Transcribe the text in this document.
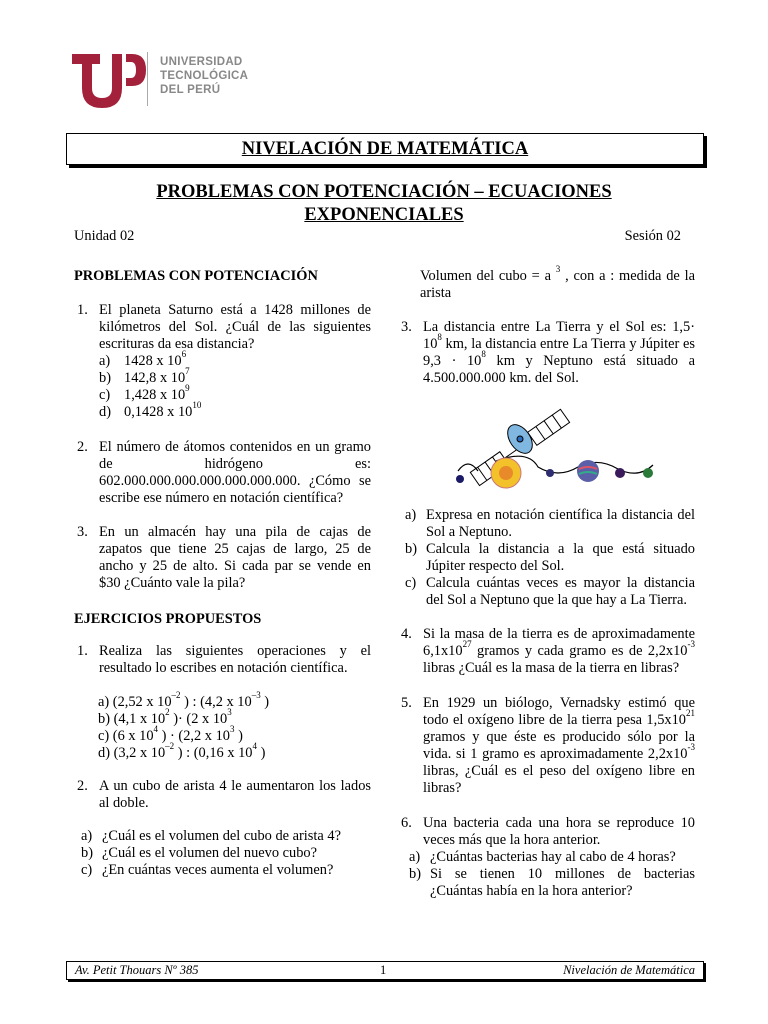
UNIVERSIDAD
TECNOLÓGICA
DEL PERÚ
NIVELACIÓN DE MATEMÁTICA
PROBLEMAS CON POTENCIACIÓN – ECUACIONES
EXPONENCIALES
Unidad 02	Sesión 02
PROBLEMAS CON POTENCIACIÓN
1. El planeta Saturno está a 1428 millones de kilómetros del Sol. ¿Cuál de las siguientes escrituras da esa distancia?
a) 1428 x $10^6$
b) 142,8 x $10^7$
c) 1,428 x $10^9$
d) 0,1428 x $10^{10}$
2. El número de átomos contenidos en un gramo de hidrógeno es: 602.000.000.000.000.000.000.000. ¿Cómo se escribe ese número en notación científica?
3. En un almacén hay una pila de cajas de zapatos que tiene 25 cajas de largo, 25 de ancho y 25 de alto. Si cada par se vende en $30 ¿Cuánto vale la pila?
EJERCICIOS PROPUESTOS
1. Realiza las siguientes operaciones y el resultado lo escribes en notación científica.
a) (2,52 x $10^{-2}$ ) : (4,2 x $10^{-3}$ )
b) (4,1 x $10^2$ )· (2 x $10^3$
c) (6 x $10^4$ ) · (2,2 x $10^3$ )
d) (3,2 x $10^{-2}$ ) : (0,16 x $10^4$ )
2. A un cubo de arista 4 le aumentaron los lados al doble.
a) ¿Cuál es el volumen del cubo de arista 4?
b) ¿Cuál es el volumen del nuevo cubo?
c) ¿En cuántas veces aumenta el volumen?
Volumen del cubo = a $^3$ , con a : medida de la arista
3. La distancia entre La Tierra y el Sol es: $1,5\cdot 10^8$ km, la distancia entre La Tierra y Júpiter es $9,3 \cdot 10^8$ km y Neptuno está situado a 4.500.000.000 km. del Sol.
a) Expresa en notación científica la distancia del Sol a Neptuno.
b) Calcula la distancia a la que está situado Júpiter respecto del Sol.
c) Calcula cuántas veces es mayor la distancia del Sol a Neptuno que la que hay a La Tierra.
4. Si la masa de la tierra es de aproximadamente $6,1x10^{27}$ gramos y cada gramo es de $2,2x10^{-3}$ libras ¿Cuál es la masa de la tierra en libras?
5. En 1929 un biólogo, Vernadsky estimó que todo el oxígeno libre de la tierra pesa $1,5x10^{21}$ gramos y que éste es producido sólo por la vida. si 1 gramo es aproximadamente $2,2x10^{-3}$ libras, ¿Cuál es el peso del oxígeno libre en libras?
6. Una bacteria cada una hora se reproduce 10 veces más que la hora anterior.
a) ¿Cuántas bacterias hay al cabo de 4 horas?
b) Si se tienen 10 millones de bacterias ¿Cuántas había en la hora anterior?
Av. Petit Thouars Nº 385	1	Nivelación de Matemática
